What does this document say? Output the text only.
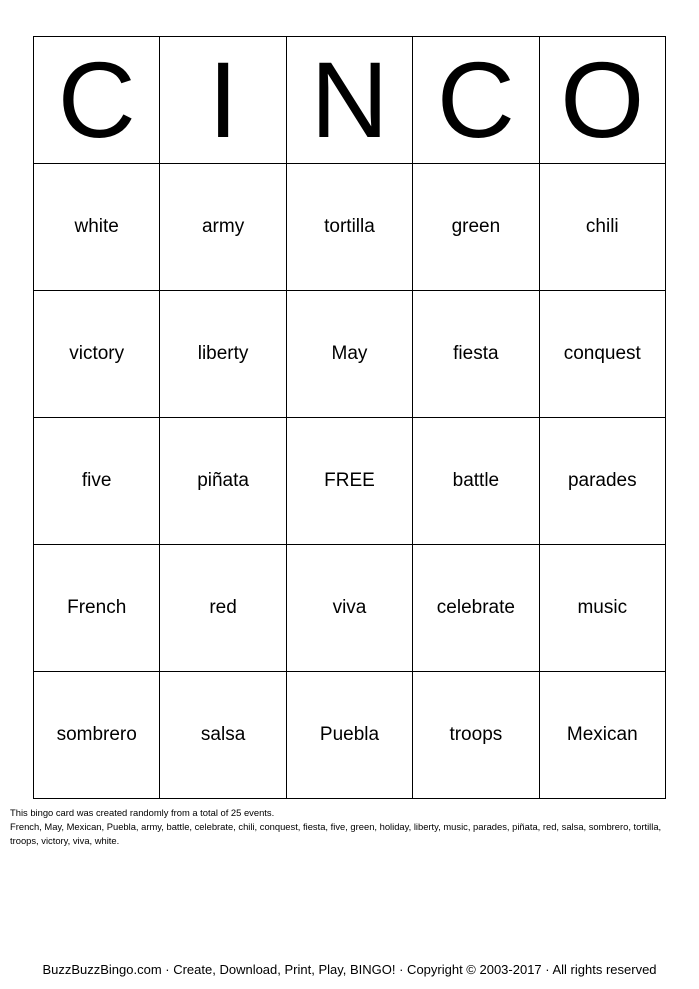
C	I	N	C	O
white	army	tortilla	green	chili
victory	liberty	May	fiesta	conquest
five	piñata	FREE	battle	parades
French	red	viva	celebrate	music
sombrero	salsa	Puebla	troops	Mexican

This bingo card was created randomly from a total of 25 events.

French, May, Mexican, Puebla, army, battle, celebrate, chili, conquest, fiesta, five, green, holiday, liberty, music, parades, piñata, red, salsa, sombrero, tortilla, troops, victory, viva, white.

BuzzBuzzBingo.com · Create, Download, Print, Play, BINGO! · Copyright © 2003-2017 · All rights reserved
